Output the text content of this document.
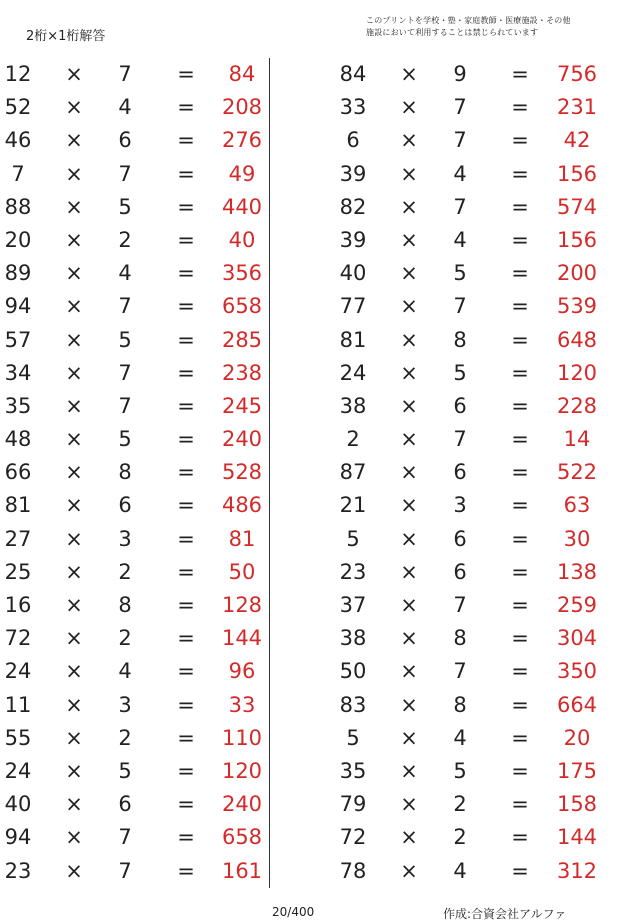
2桁×1桁解答
このプリントを学校・塾・家庭教師・医療施設・その他
施設において利用することは禁じられています
12	×	7	=	84	84	×	9	=	756
52	×	4	=	208	33	×	7	=	231
46	×	6	=	276	6	×	7	=	42
7	×	7	=	49	39	×	4	=	156
88	×	5	=	440	82	×	7	=	574
20	×	2	=	40	39	×	4	=	156
89	×	4	=	356	40	×	5	=	200
94	×	7	=	658	77	×	7	=	539
57	×	5	=	285	81	×	8	=	648
34	×	7	=	238	24	×	5	=	120
35	×	7	=	245	38	×	6	=	228
48	×	5	=	240	2	×	7	=	14
66	×	8	=	528	87	×	6	=	522
81	×	6	=	486	21	×	3	=	63
27	×	3	=	81	5	×	6	=	30
25	×	2	=	50	23	×	6	=	138
16	×	8	=	128	37	×	7	=	259
72	×	2	=	144	38	×	8	=	304
24	×	4	=	96	50	×	7	=	350
11	×	3	=	33	83	×	8	=	664
55	×	2	=	110	5	×	4	=	20
24	×	5	=	120	35	×	5	=	175
40	×	6	=	240	79	×	2	=	158
94	×	7	=	658	72	×	2	=	144
23	×	7	=	161	78	×	4	=	312
20/400	作成:合資会社アルファ
